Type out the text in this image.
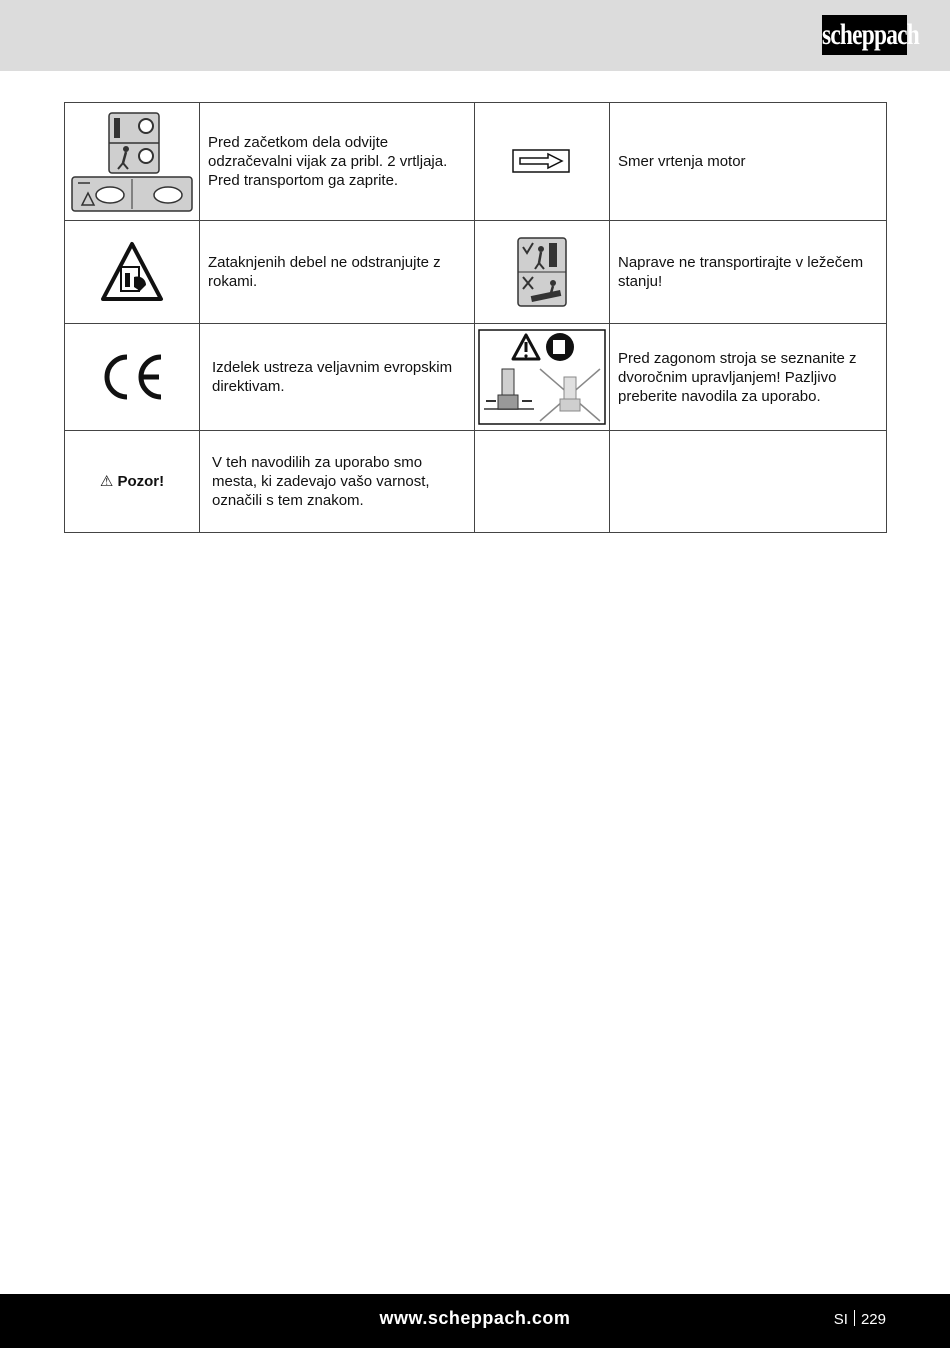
scheppach

Pred začetkom dela odvijte odzračevalni vijak za pribl. 2 vrtljaja. Pred transportom ga zaprite.		Smer vrtenja motor

Zataknjenih debel ne odstranjujte z rokami.		Naprave ne transportirajte v ležečem stanju!

Izdelek ustreza veljavnim evropskim direktivam.		Pred zagonom stroja se seznanite z dvoročnim upravljanjem! Pazljivo preberite navodila za uporabo.

⚠ Pozor!	V teh navodilih za uporabo smo mesta, ki zadevajo vašo varnost, označili s tem znakom.		

www.scheppach.com	SI 229
